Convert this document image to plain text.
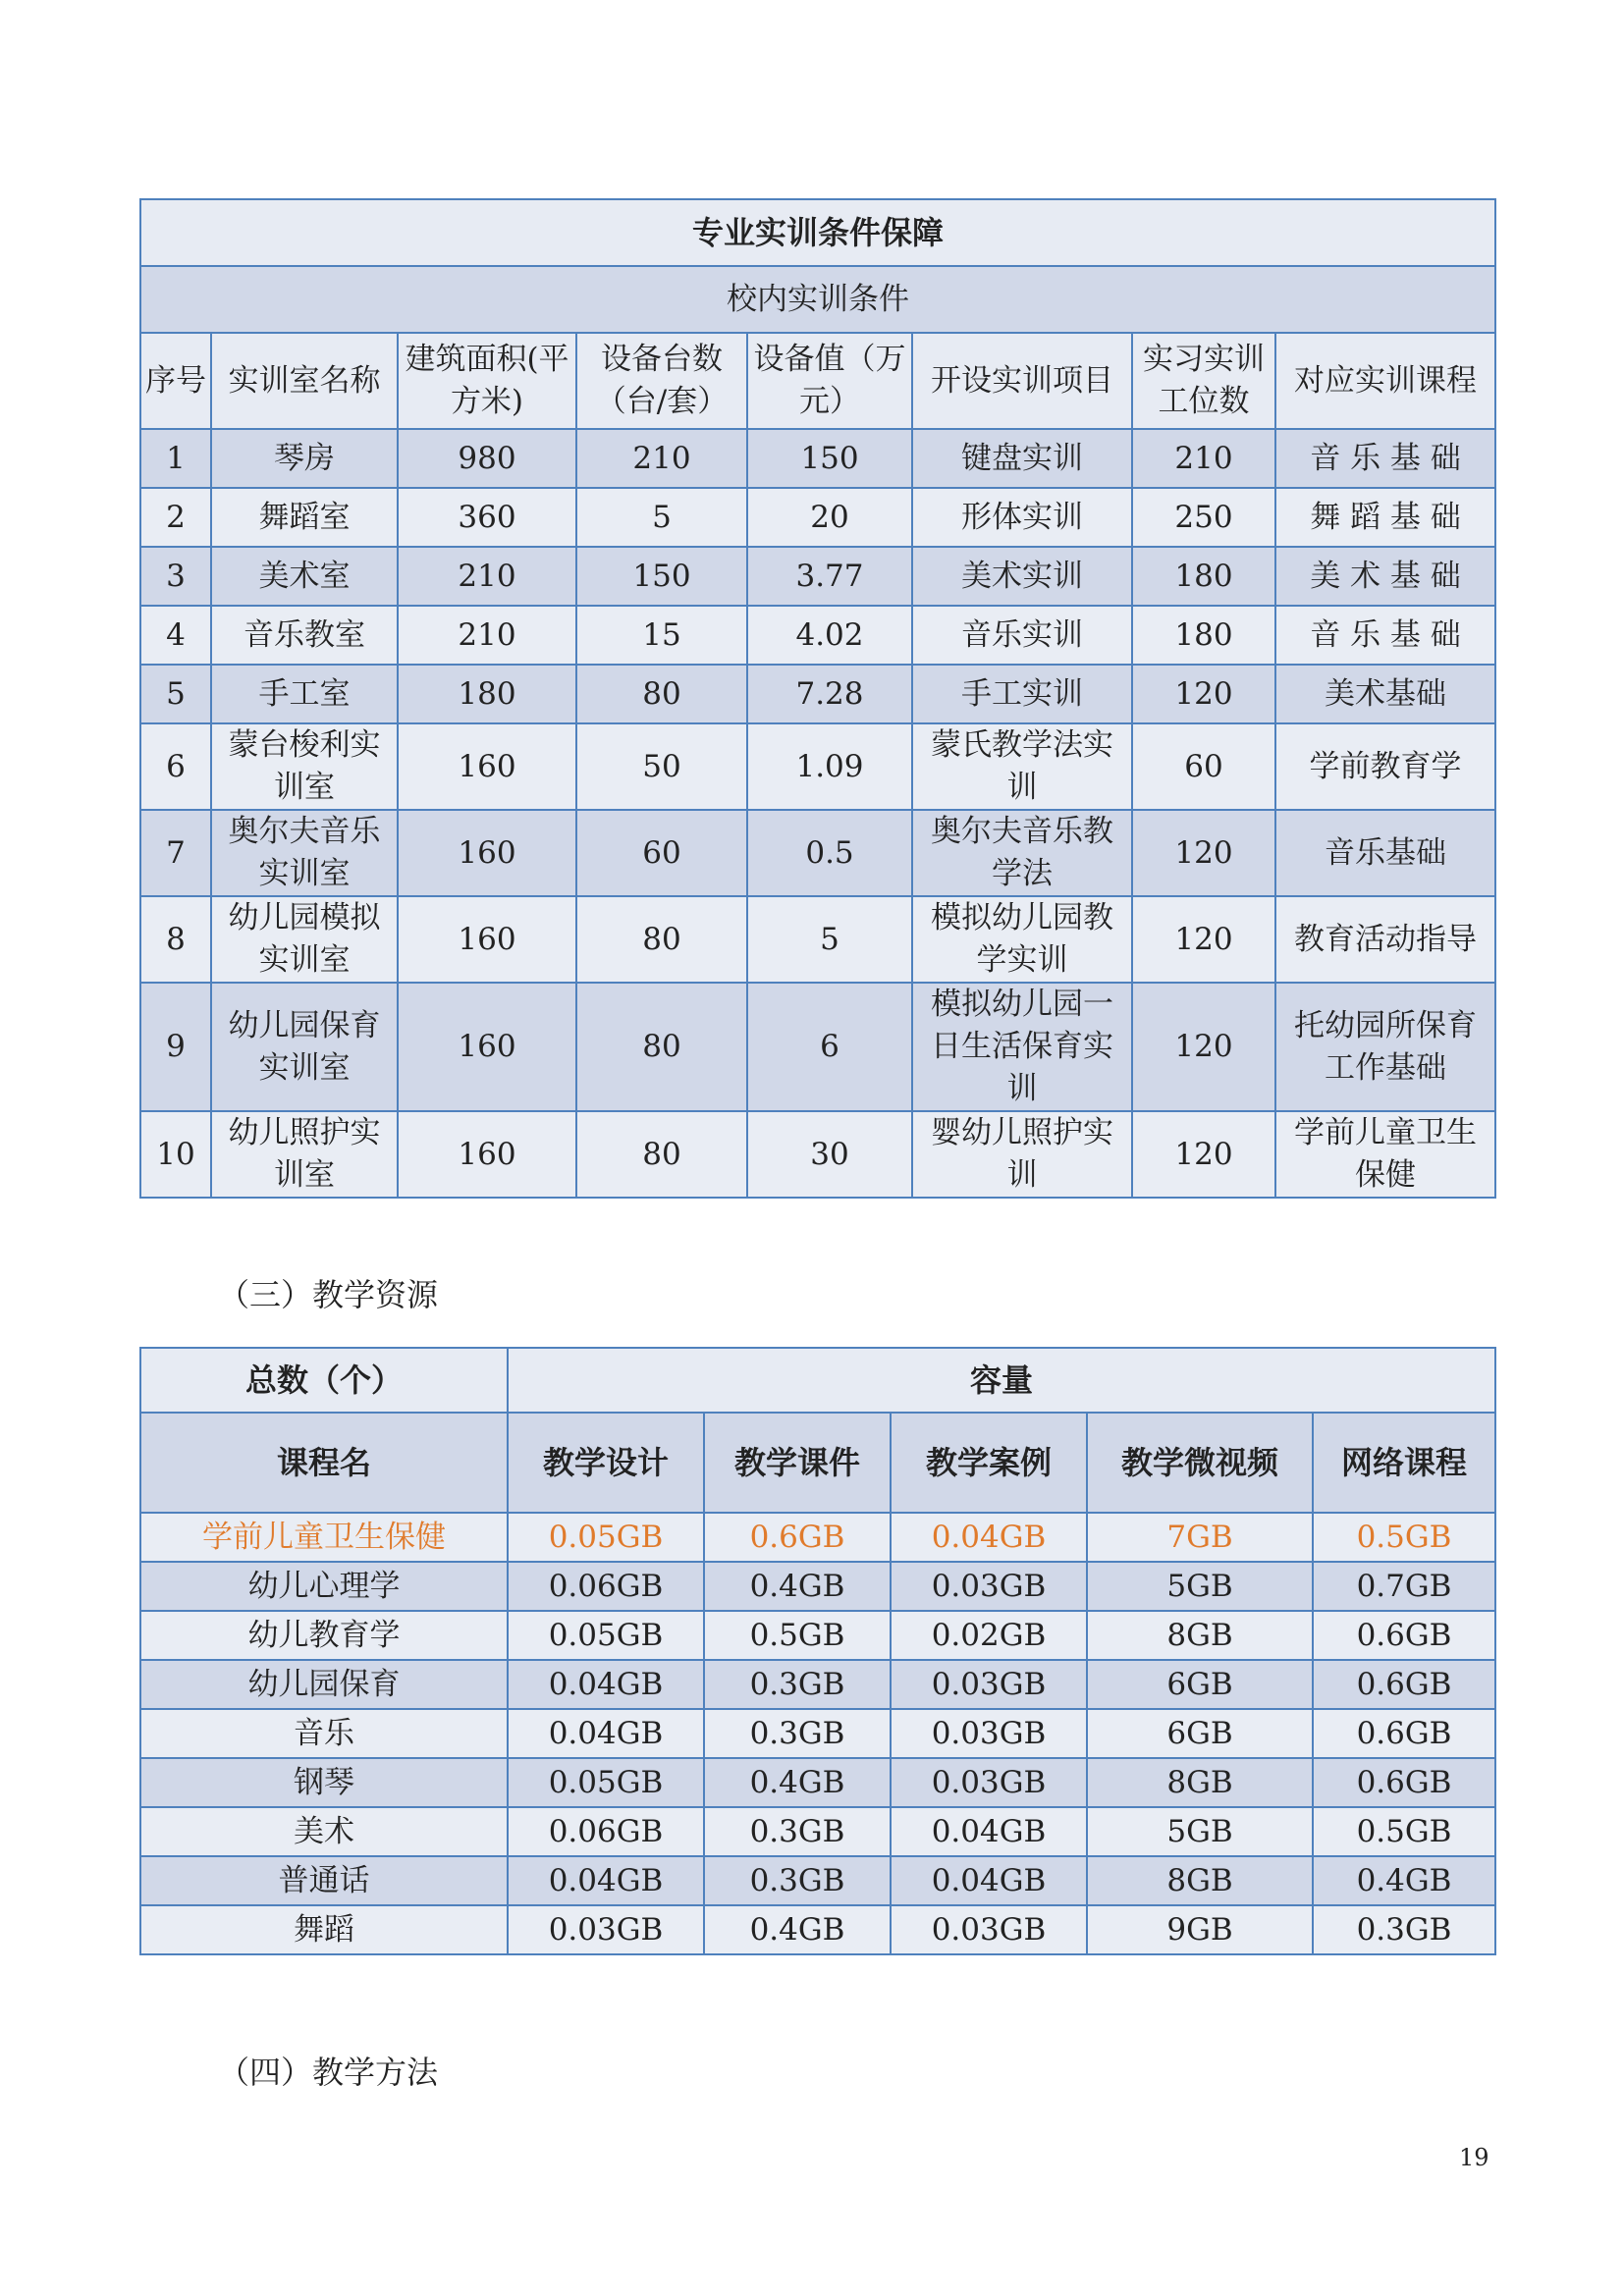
专业实训条件保障							
校内实训条件							
序号	实训室名称	建筑面积(平方米)	设备台数（台/套）	设备值（万元）	开设实训项目	实习实训工位数	对应实训课程
1	琴房	980	210	150	键盘实训	210	音 乐 基 础
2	舞蹈室	360	5	20	形体实训	250	舞 蹈 基 础
3	美术室	210	150	3.77	美术实训	180	美 术 基 础
4	音乐教室	210	15	4.02	音乐实训	180	音 乐 基 础
5	手工室	180	80	7.28	手工实训	120	美术基础
6	蒙台梭利实训室	160	50	1.09	蒙氏教学法实训	60	学前教育学
7	奥尔夫音乐实训室	160	60	0.5	奥尔夫音乐教学法	120	音乐基础
8	幼儿园模拟实训室	160	80	5	模拟幼儿园教学实训	120	教育活动指导
9	幼儿园保育实训室	160	80	6	模拟幼儿园一日生活保育实训	120	托幼园所保育工作基础
10	幼儿照护实训室	160	80	30	婴幼儿照护实训	120	学前儿童卫生保健
（三）教学资源
总数（个）	容量				
课程名	教学设计	教学课件	教学案例	教学微视频	网络课程
学前儿童卫生保健	0.05GB	0.6GB	0.04GB	7GB	0.5GB
幼儿心理学	0.06GB	0.4GB	0.03GB	5GB	0.7GB
幼儿教育学	0.05GB	0.5GB	0.02GB	8GB	0.6GB
幼儿园保育	0.04GB	0.3GB	0.03GB	6GB	0.6GB
音乐	0.04GB	0.3GB	0.03GB	6GB	0.6GB
钢琴	0.05GB	0.4GB	0.03GB	8GB	0.6GB
美术	0.06GB	0.3GB	0.04GB	5GB	0.5GB
普通话	0.04GB	0.3GB	0.04GB	8GB	0.4GB
舞蹈	0.03GB	0.4GB	0.03GB	9GB	0.3GB
（四）教学方法
19
